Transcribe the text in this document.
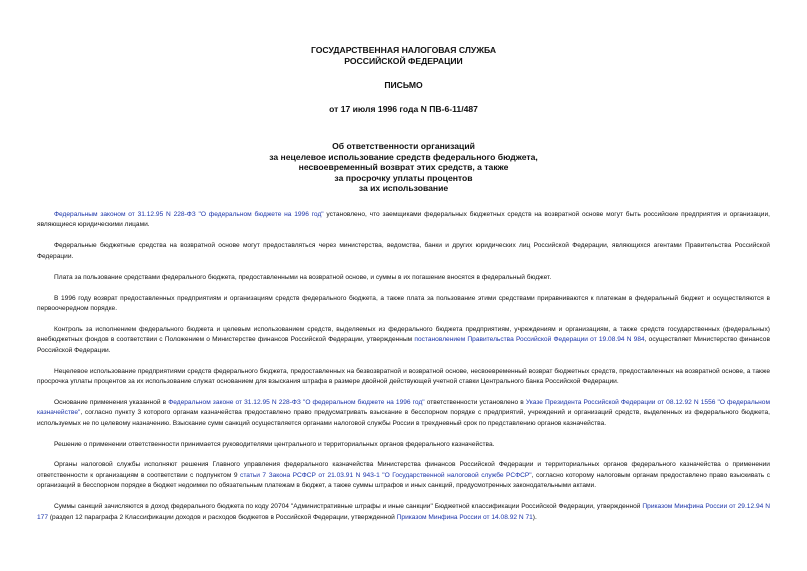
ГОСУДАРСТВЕННАЯ НАЛОГОВАЯ СЛУЖБА
РОССИЙСКОЙ ФЕДЕРАЦИИ
ПИСЬМО
от 17 июля 1996 года N ПВ-6-11/487
Об ответственности организаций
за нецелевое использование средств федерального бюджета,
несвоевременный возврат этих средств, а также
за просрочку уплаты процентов
за их использование

Федеральным законом от 31.12.95 N 228-ФЗ "О федеральном бюджете на 1996 год" установлено, что заемщиками федеральных бюджетных средств на возвратной основе могут быть российские предприятия и организации, являющиеся юридическими лицами.

Федеральные бюджетные средства на возвратной основе могут предоставляться через министерства, ведомства, банки и других юридических лиц Российской Федерации, являющихся агентами Правительства Российской Федерации.

Плата за пользование средствами федерального бюджета, предоставленными на возвратной основе, и суммы в их погашение вносятся в федеральный бюджет.

В 1996 году возврат предоставленных предприятиям и организациям средств федерального бюджета, а также плата за пользование этими средствами приравниваются к платежам в федеральный бюджет и осуществляются в первоочередном порядке.

Контроль за исполнением федерального бюджета и целевым использованием средств, выделяемых из федерального бюджета предприятиям, учреждениям и организациям, а также средств государственных (федеральных) внебюджетных фондов в соответствии с Положением о Министерстве финансов Российской Федерации, утвержденным постановлением Правительства Российской Федерации от 19.08.94 N 984, осуществляет Министерство финансов Российской Федерации.

Нецелевое использование предприятиями средств федерального бюджета, предоставленных на безвозвратной и возвратной основе, несвоевременный возврат бюджетных средств, предоставленных на возвратной основе, а также просрочка уплаты процентов за их использование служат основанием для взыскания штрафа в размере двойной действующей учетной ставки Центрального банка Российской Федерации.

Основание применения указанной в Федеральном законе от 31.12.95 N 228-ФЗ "О федеральном бюджете на 1996 год" ответственности установлено в Указе Президента Российской Федерации от 08.12.92 N 1556 "О федеральном казначействе", согласно пункту 3 которого органам казначейства предоставлено право предусматривать взыскание в бесспорном порядке с предприятий, учреждений и организаций средств, выделенных из федерального бюджета, используемых не по целевому назначению. Взыскание сумм санкций осуществляется органами налоговой службы России в трехдневный срок по представлению органов казначейства.

Решение о применении ответственности принимается руководителями центрального и территориальных органов федерального казначейства.

Органы налоговой службы исполняют решения Главного управления федерального казначейства Министерства финансов Российской Федерации и территориальных органов федерального казначейства о применении ответственности к организациям в соответствии с подпунктом 9 статьи 7 Закона РСФСР от 21.03.91 N 943-1 "О Государственной налоговой службе РСФСР", согласно которому налоговым органам предоставлено право взыскивать с организаций в бесспорном порядке в бюджет недоимки по обязательным платежам в бюджет, а также суммы штрафов и иных санкций, предусмотренных законодательными актами.

Суммы санкций зачисляются в доход федерального бюджета по коду 20704 "Административные штрафы и иные санкции" Бюджетной классификации Российской Федерации, утвержденной Приказом Минфина России от 29.12.94 N 177 (раздел 12 параграфа 2 Классификации доходов и расходов бюджетов в Российской Федерации, утвержденной Приказом Минфина России от 14.08.92 N 71).
